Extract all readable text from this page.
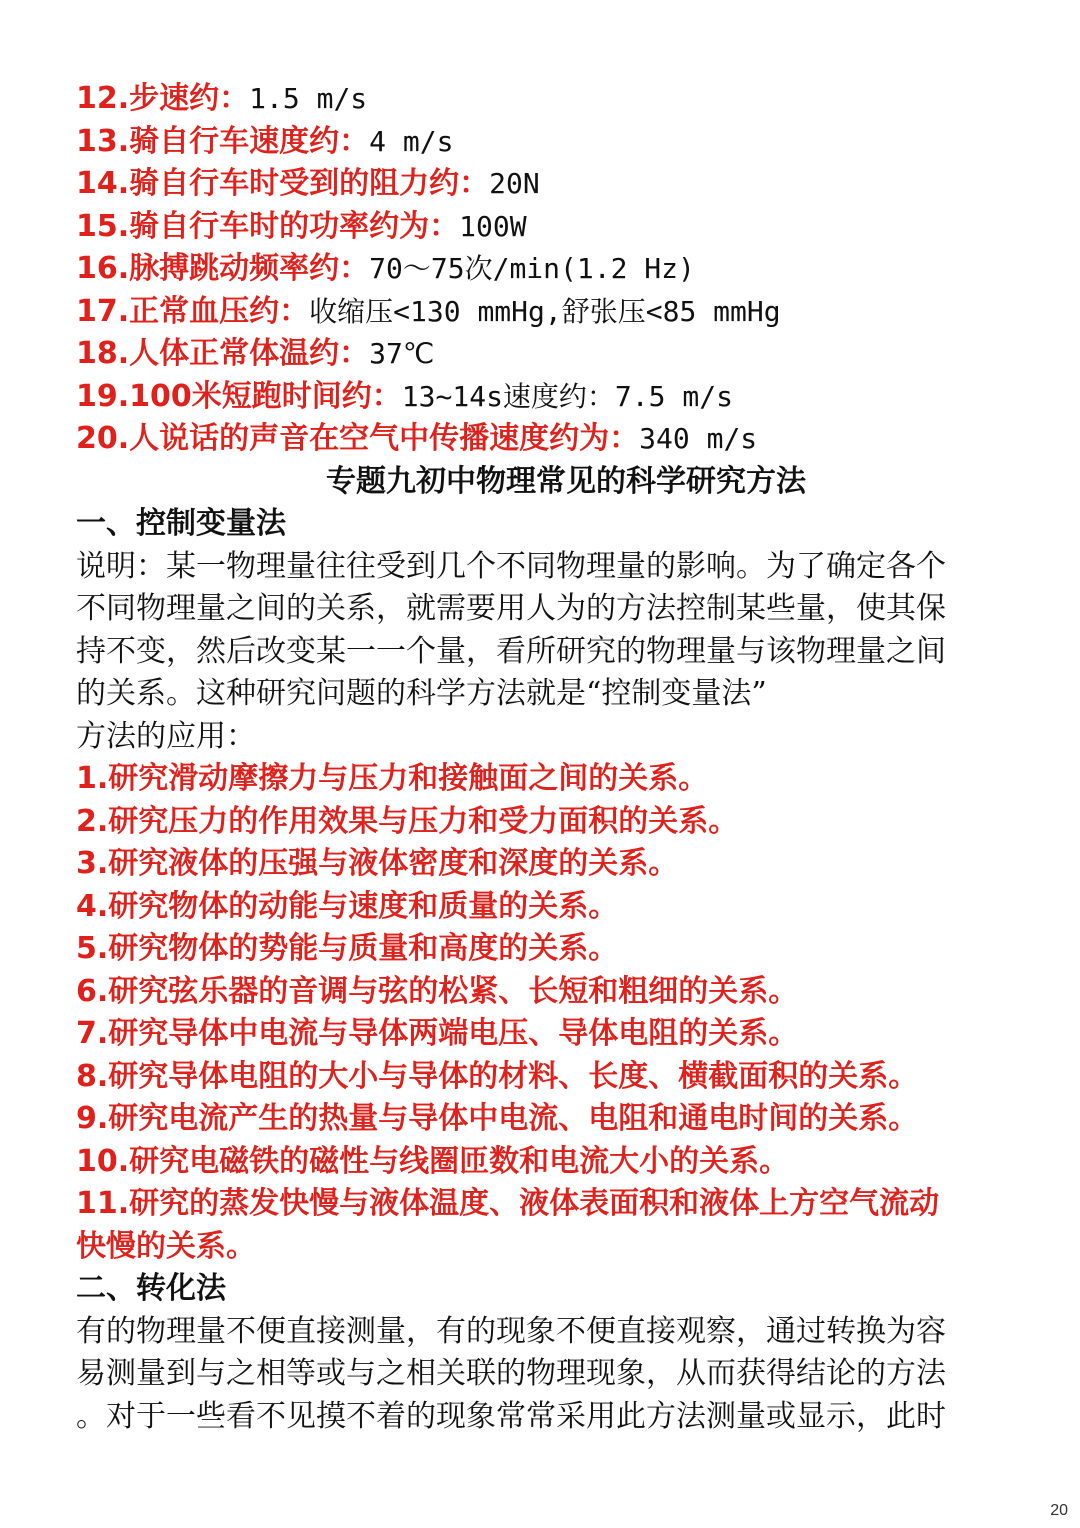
12.步速约：1.5 m/s
13.骑自行车速度约：4 m/s
14.骑自行车时受到的阻力约：20N
15.骑自行车时的功率约为：100W
16.脉搏跳动频率约：70～75次/min(1.2 Hz)
17.正常血压约：收缩压<130 mmHg,舒张压<85 mmHg
18.人体正常体温约：37℃
19.100米短跑时间约：13~14s速度约：7.5 m/s
20.人说话的声音在空气中传播速度约为：340 m/s
专题九初中物理常见的科学研究方法
一、控制变量法
说明：某一物理量往往受到几个不同物理量的影响。为了确定各个
不同物理量之间的关系，就需要用人为的方法控制某些量，使其保
持不变，然后改变某一一个量，看所研究的物理量与该物理量之间
的关系。这种研究问题的科学方法就是“控制变量法”
方法的应用：
1.研究滑动摩擦力与压力和接触面之间的关系。
2.研究压力的作用效果与压力和受力面积的关系。
3.研究液体的压强与液体密度和深度的关系。
4.研究物体的动能与速度和质量的关系。
5.研究物体的势能与质量和高度的关系。
6.研究弦乐器的音调与弦的松紧、长短和粗细的关系。
7.研究导体中电流与导体两端电压、导体电阻的关系。
8.研究导体电阻的大小与导体的材料、长度、横截面积的关系。
9.研究电流产生的热量与导体中电流、电阻和通电时间的关系。
10.研究电磁铁的磁性与线圈匝数和电流大小的关系。
11.研究的蒸发快慢与液体温度、液体表面积和液体上方空气流动
快慢的关系。
二、转化法
有的物理量不便直接测量，有的现象不便直接观察，通过转换为容
易测量到与之相等或与之相关联的物理现象，从而获得结论的方法
。对于一些看不见摸不着的现象常常采用此方法测量或显示，此时
20
